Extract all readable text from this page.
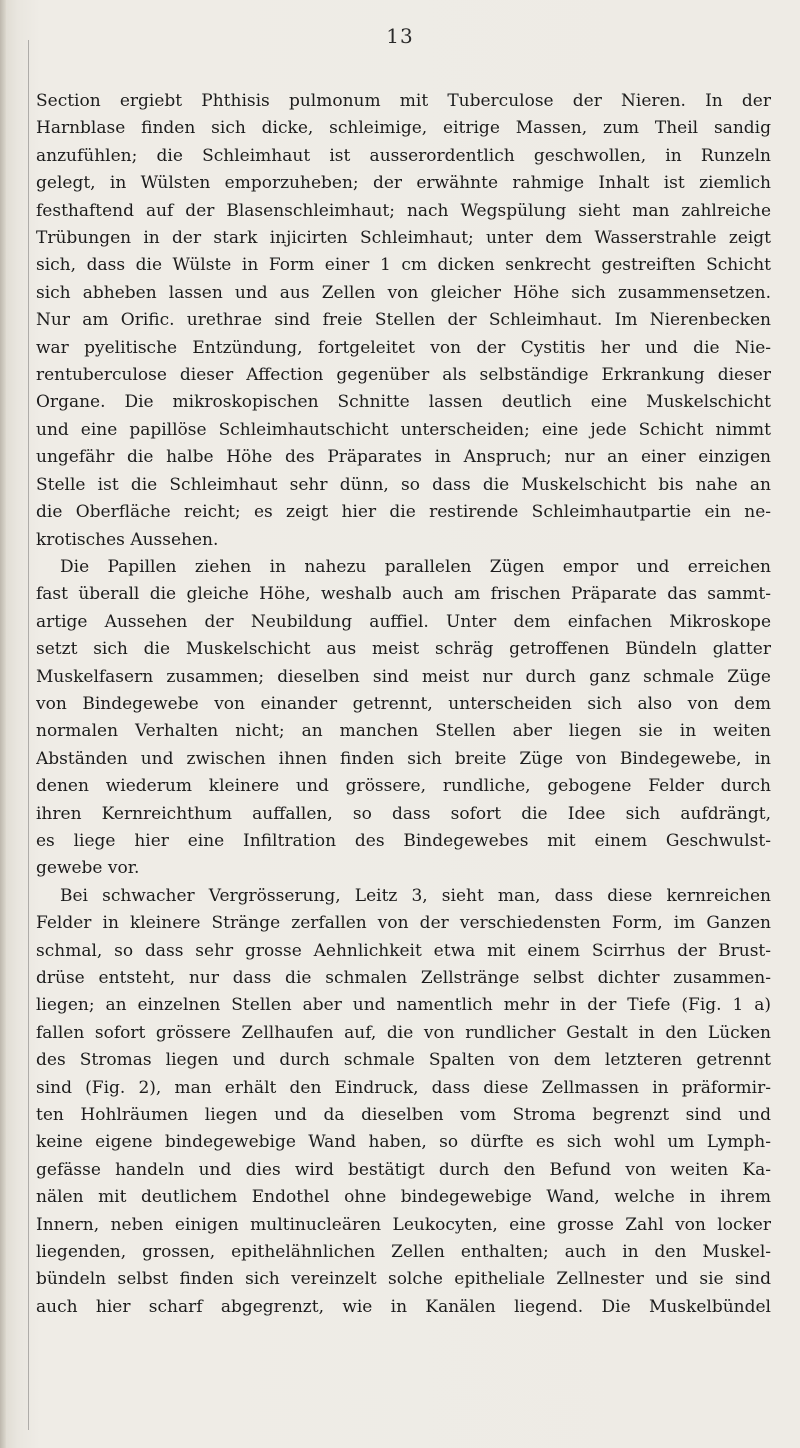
13

Section ergiebt Phthisis pulmonum mit Tuberculose der Nieren. In der

Harnblase finden sich dicke, schleimige, eitrige Massen, zum Theil sandig

anzufühlen; die Schleimhaut ist ausserordentlich geschwollen, in Runzeln

gelegt, in Wülsten emporzuheben; der erwähnte rahmige Inhalt ist ziemlich

festhaftend auf der Blasenschleimhaut; nach Wegspülung sieht man zahlreiche

Trübungen in der stark injicirten Schleimhaut; unter dem Wasserstrahle zeigt

sich, dass die Wülste in Form einer 1 cm dicken senkrecht gestreiften Schicht

sich abheben lassen und aus Zellen von gleicher Höhe sich zusammensetzen.

Nur am Orific. urethrae sind freie Stellen der Schleimhaut. Im Nierenbecken

war pyelitische Entzündung, fortgeleitet von der Cystitis her und die Nie-

rentuberculose dieser Affection gegenüber als selbständige Erkrankung dieser

Organe. Die mikroskopischen Schnitte lassen deutlich eine Muskelschicht

und eine papillöse Schleimhautschicht unterscheiden; eine jede Schicht nimmt

ungefähr die halbe Höhe des Präparates in Anspruch; nur an einer einzigen

Stelle ist die Schleimhaut sehr dünn, so dass die Muskelschicht bis nahe an

die Oberfläche reicht; es zeigt hier die restirende Schleimhautpartie ein ne-

krotisches Aussehen.

Die Papillen ziehen in nahezu parallelen Zügen empor und erreichen

fast überall die gleiche Höhe, weshalb auch am frischen Präparate das sammt-

artige Aussehen der Neubildung auffiel. Unter dem einfachen Mikroskope

setzt sich die Muskelschicht aus meist schräg getroffenen Bündeln glatter

Muskelfasern zusammen; dieselben sind meist nur durch ganz schmale Züge

von Bindegewebe von einander getrennt, unterscheiden sich also von dem

normalen Verhalten nicht; an manchen Stellen aber liegen sie in weiten

Abständen und zwischen ihnen finden sich breite Züge von Bindegewebe, in

denen wiederum kleinere und grössere, rundliche, gebogene Felder durch

ihren Kernreichthum auffallen, so dass sofort die Idee sich aufdrängt,

es liege hier eine Infiltration des Bindegewebes mit einem Geschwulst-

gewebe vor.

Bei schwacher Vergrösserung, Leitz 3, sieht man, dass diese kernreichen

Felder in kleinere Stränge zerfallen von der verschiedensten Form, im Ganzen

schmal, so dass sehr grosse Aehnlichkeit etwa mit einem Scirrhus der Brust-

drüse entsteht, nur dass die schmalen Zellstränge selbst dichter zusammen-

liegen; an einzelnen Stellen aber und namentlich mehr in der Tiefe (Fig. 1 a)

fallen sofort grössere Zellhaufen auf, die von rundlicher Gestalt in den Lücken

des Stromas liegen und durch schmale Spalten von dem letzteren getrennt

sind (Fig. 2), man erhält den Eindruck, dass diese Zellmassen in präformir-

ten Hohlräumen liegen und da dieselben vom Stroma begrenzt sind und

keine eigene bindegewebige Wand haben, so dürfte es sich wohl um Lymph-

gefässe handeln und dies wird bestätigt durch den Befund von weiten Ka-

nälen mit deutlichem Endothel ohne bindegewebige Wand, welche in ihrem

Innern, neben einigen multinucleären Leukocyten, eine grosse Zahl von locker

liegenden, grossen, epithelähnlichen Zellen enthalten; auch in den Muskel-

bündeln selbst finden sich vereinzelt solche epitheliale Zellnester und sie sind

auch hier scharf abgegrenzt, wie in Kanälen liegend. Die Muskelbündel
